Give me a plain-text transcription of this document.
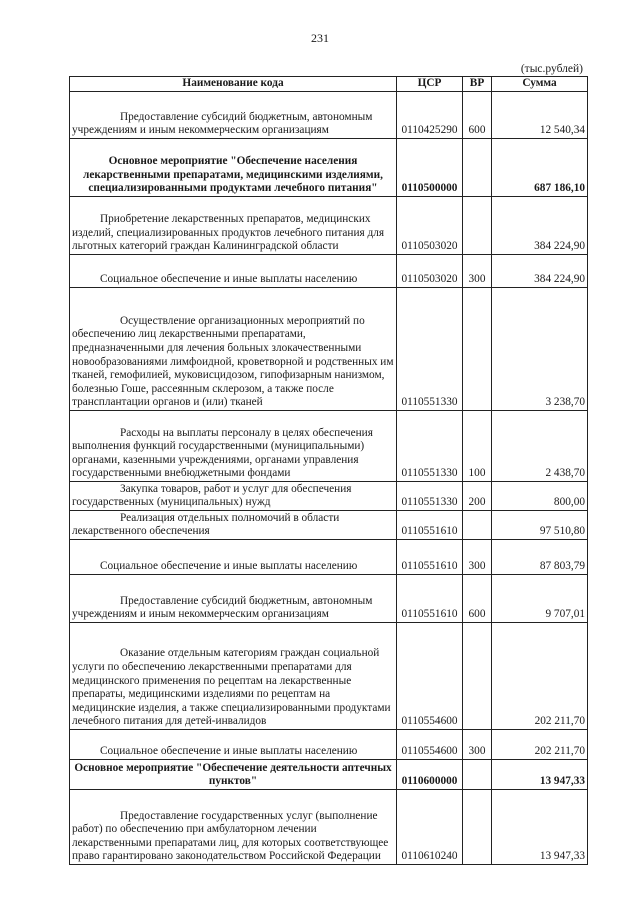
231
(тыс.рублей)
Наименование кода	ЦСР	ВР	Сумма
Предоставление субсидий бюджетным, автономным учреждениям и иным некоммерческим организациям	0110425290	600	12 540,34
Основное мероприятие "Обеспечение населения лекарственными препаратами, медицинскими изделиями, специализированными продуктами лечебного питания"	0110500000		687 186,10
Приобретение лекарственных препаратов, медицинских изделий, специализированных продуктов лечебного питания для льготных категорий граждан Калининградской области	0110503020		384 224,90
Социальное обеспечение и иные выплаты населению	0110503020	300	384 224,90
Осуществление организационных мероприятий по обеспечению лиц лекарственными препаратами, предназначенными для лечения больных злокачественными новообразованиями лимфоидной, кроветворной и родственных им тканей, гемофилией, муковисцидозом, гипофизарным нанизмом, болезнью Гоше, рассеянным склерозом, а также после трансплантации органов и (или) тканей	0110551330		3 238,70
Расходы на выплаты персоналу в целях обеспечения выполнения функций государственными (муниципальными) органами, казенными учреждениями, органами управления государственными внебюджетными фондами	0110551330	100	2 438,70
Закупка товаров, работ и услуг для обеспечения государственных (муниципальных) нужд	0110551330	200	800,00
Реализация отдельных полномочий в области лекарственного обеспечения	0110551610		97 510,80
Социальное обеспечение и иные выплаты населению	0110551610	300	87 803,79
Предоставление субсидий бюджетным, автономным учреждениям и иным некоммерческим организациям	0110551610	600	9 707,01
Оказание отдельным категориям граждан социальной услуги по обеспечению лекарственными препаратами для медицинского применения по рецептам на лекарственные препараты, медицинскими изделиями по рецептам на медицинские изделия, а также специализированными продуктами лечебного питания для детей-инвалидов	0110554600		202 211,70
Социальное обеспечение и иные выплаты населению	0110554600	300	202 211,70
Основное мероприятие "Обеспечение деятельности аптечных пунктов"	0110600000		13 947,33
Предоставление государственных услуг (выполнение работ) по обеспечению при амбулаторном лечении лекарственными препаратами лиц, для которых соответствующее право гарантировано законодательством Российской Федерации	0110610240		13 947,33
